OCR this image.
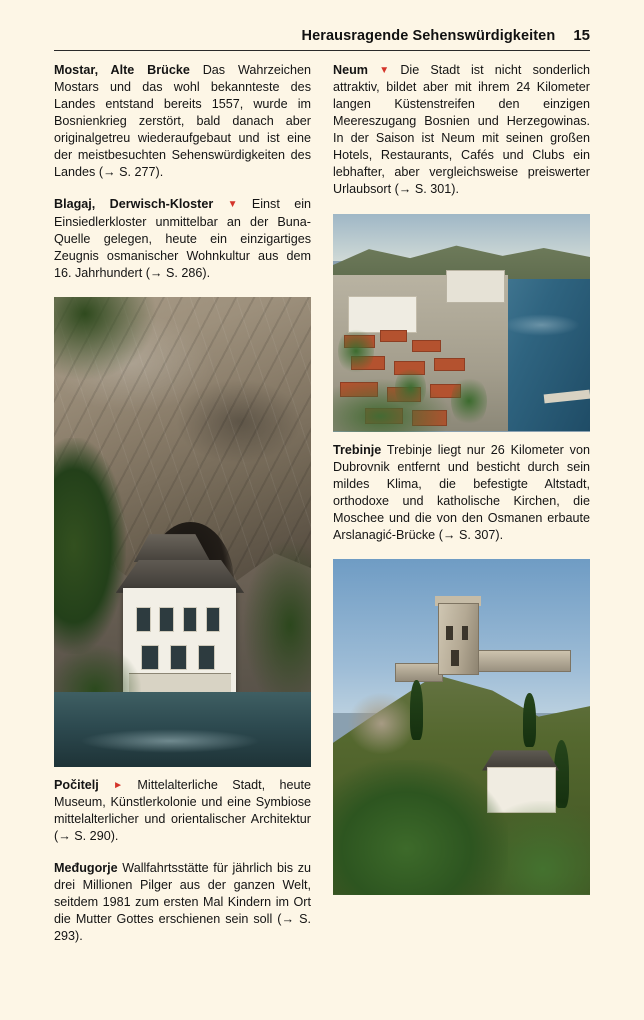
Herausragende Sehenswürdigkeiten 15

Mostar, Alte Brücke Das Wahrzeichen Mostars und das wohl bekannteste des Landes entstand bereits 1557, wurde im Bosnienkrieg zerstört, bald danach aber originalgetreu wiederaufgebaut und ist eine der meistbesuchten Sehenswürdigkeiten des Landes (→ S. 277).

Blagaj, Derwisch-Kloster ▼ Einst ein Einsiedlerkloster unmittelbar an der Buna-Quelle gelegen, heute ein einzigartiges Zeugnis osmanischer Wohnkultur aus dem 16. Jahrhundert (→ S. 286).

Počitelj ► Mittelalterliche Stadt, heute Museum, Künstlerkolonie und eine Symbiose mittelalterlicher und orientalischer Architektur (→ S. 290).

Međugorje Wallfahrtsstätte für jährlich bis zu drei Millionen Pilger aus der ganzen Welt, seitdem 1981 zum ersten Mal Kindern im Ort die Mutter Gottes erschienen sein soll (→ S. 293).

Neum ▼ Die Stadt ist nicht sonderlich attraktiv, bildet aber mit ihrem 24 Kilometer langen Küstenstreifen den einzigen Meereszugang Bosnien und Herzegowinas. In der Saison ist Neum mit seinen großen Hotels, Restaurants, Cafés und Clubs ein lebhafter, aber vergleichsweise preiswerter Urlaubsort (→ S. 301).

Trebinje Trebinje liegt nur 26 Kilometer von Dubrovnik entfernt und besticht durch sein mildes Klima, die befestigte Altstadt, orthodoxe und katholische Kirchen, die Moschee und die von den Osmanen erbaute Arslanagić-Brücke (→ S. 307).
